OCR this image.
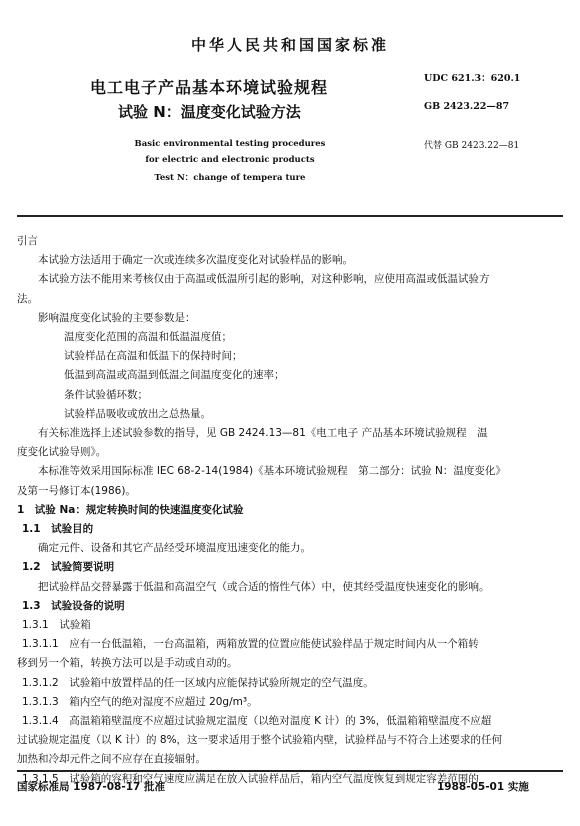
中华人民共和国国家标准
电工电子产品基本环境试验规程
试验 N：温度变化试验方法
Basic environmental testing procedures
for electric and electronic products
Test N：change of tempera ture
UDC 621.3：620.1
GB 2423.22—87
代替 GB 2423.22—81

引言

本试验方法适用于确定一次或连续多次温度变化对试验样品的影响。

本试验方法不能用来考核仅由于高温或低温所引起的影响，对这种影响，应使用高温或低温试验方

法。

影响温度变化试验的主要参数是：

温度变化范围的高温和低温温度值；

试验样品在高温和低温下的保持时间；

低温到高温或高温到低温之间温度变化的速率；

条件试验循环数；

试验样品吸收或放出之总热量。

有关标准选择上述试验参数的指导，见 GB 2424.13—81《电工电子 产品基本环境试验规程　温

度变化试验导则》。

本标准等效采用国际标准 IEC 68-2-14(1984)《基本环境试验规程　第二部分：试验 N：温度变化》

及第一号修订本(1986)。

1　试验 Na：规定转换时间的快速温度变化试验

1.1　试验目的

确定元件、设备和其它产品经受环境温度迅速变化的能力。

1.2　试验简要说明

把试验样品交替暴露于低温和高温空气（或合适的惰性气体）中，使其经受温度快速变化的影响。

1.3　试验设备的说明

1.3.1　试验箱

1.3.1.1　应有一台低温箱，一台高温箱，两箱放置的位置应能使试验样品于规定时间内从一个箱转

移到另一个箱，转换方法可以是手动或自动的。

1.3.1.2　试验箱中放置样品的任一区域内应能保持试验所规定的空气温度。

1.3.1.3　箱内空气的绝对湿度不应超过 20g/m³。

1.3.1.4　高温箱箱壁温度不应超过试验规定温度（以绝对温度 K 计）的 3%，低温箱箱壁温度不应超

过试验规定温度（以 K 计）的 8%，这一要求适用于整个试验箱内壁，试验样品与不符合上述要求的任何

加热和冷却元件之间不应存在直接辐射。

1.3.1.5　试验箱的容积和空气速度应满足在放入试验样品后，箱内空气温度恢复到规定容差范围的

国家标准局 1987-08-17 批准	1988-05-01 实施
